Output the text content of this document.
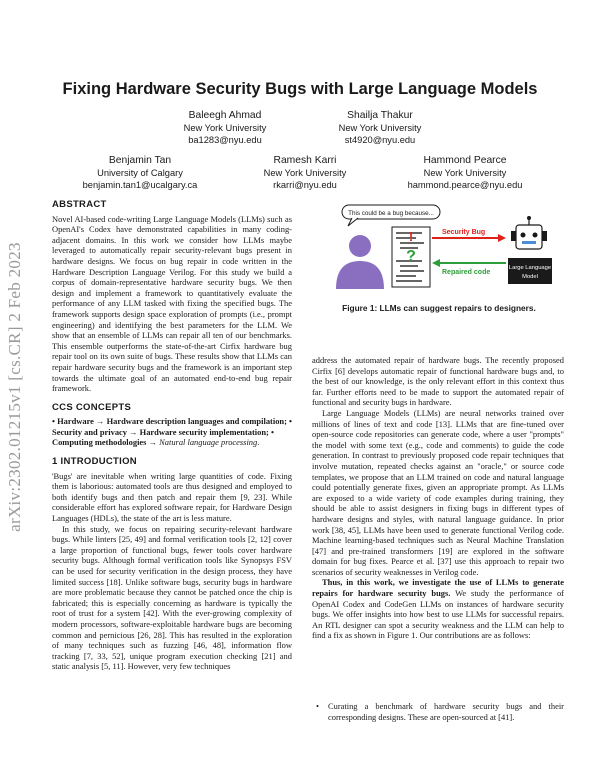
arXiv:2302.01215v1 [cs.CR] 2 Feb 2023
Fixing Hardware Security Bugs with Large Language Models
Baleegh Ahmad
New York University
ba1283@nyu.edu
Shailja Thakur
New York University
st4920@nyu.edu
Benjamin Tan
University of Calgary
benjamin.tan1@ucalgary.ca
Ramesh Karri
New York University
rkarri@nyu.edu
Hammond Pearce
New York University
hammond.pearce@nyu.edu

ABSTRACT

Novel AI-based code-writing Large Language Models (LLMs) such as OpenAI's Codex have demonstrated capabilities in many coding-adjacent domains. In this work we consider how LLMs maybe leveraged to automatically repair security-relevant bugs present in hardware designs. We focus on bug repair in code written in the Hardware Description Language Verilog. For this study we build a corpus of domain-representative hardware security bugs. We then design and implement a framework to quantitatively evaluate the performance of any LLM tasked with fixing the specified bugs. The framework supports design space exploration of prompts (i.e., prompt engineering) and identifying the best parameters for the LLM. We show that an ensemble of LLMs can repair all ten of our benchmarks. This ensemble outperforms the state-of-the-art Cirfix hardware bug repair tool on its own suite of bugs. These results show that LLMs can repair hardware security bugs and the framework is an important step towards the ultimate goal of an automated end-to-end bug repair framework.

CCS CONCEPTS

• Hardware → Hardware description languages and compilation; • Security and privacy → Hardware security implementation; • Computing methodologies → Natural language processing.

1 INTRODUCTION

'Bugs' are inevitable when writing large quantities of code. Fixing them is laborious: automated tools are thus designed and employed to both identify bugs and then patch and repair them [9, 23]. While considerable effort has explored software repair, for Hardware Design Languages (HDLs), the state of the art is less mature.

In this study, we focus on repairing security-relevant hardware bugs. While linters [25, 49] and formal verification tools [2, 12] cover a large proportion of functional bugs, fewer tools cover hardware security bugs. Although formal verification tools like Synopsys FSV can be used for security verification in the design process, they have limited success [18]. Unlike software bugs, security bugs in hardware are more problematic because they cannot be patched once the chip is fabricated; this is especially concerning as hardware is typically the root of trust for a system [42]. With the ever-growing complexity of modern processors, software-exploitable hardware bugs are becoming common and pernicious [26, 28]. This has resulted in the exploration of many techniques such as fuzzing [46, 48], information flow tracking [7, 33, 52], unique program execution checking [21] and static analysis [5, 11]. However, very few techniques

This could be a bug because...
!
?
Security Bug
Repaired code
Large Language
Model
Figure 1: LLMs can suggest repairs to designers.

address the automated repair of hardware bugs. The recently proposed Cirfix [6] develops automatic repair of functional hardware bugs and, to the best of our knowledge, is the only relevant effort in this context thus far. Further efforts need to be made to support the automated repair of functional and security bugs in hardware.

Large Language Models (LLMs) are neural networks trained over millions of lines of text and code [13]. LLMs that are fine-tuned over open-source code repositories can generate code, where a user "prompts" the model with some text (e.g., code and comments) to guide the code generation. In contrast to previously proposed code repair techniques that involve mutation, repeated checks against an "oracle," or source code templates, we propose that an LLM trained on code and natural language could potentially generate fixes, given an appropriate prompt. As LLMs are exposed to a wide variety of code examples during training, they should be able to assist designers in fixing bugs in different types of hardware designs and styles, with natural language guidance. In prior work [38, 45], LLMs have been used to generate functional Verilog code. Machine learning-based techniques such as Neural Machine Translation [47] and pre-trained transformers [19] are explored in the software domain for bug fixes. Pearce et al. [37] use this approach to repair two scenarios of security weaknesses in Verilog code.

Thus, in this work, we investigate the use of LLMs to generate repairs for hardware security bugs. We study the performance of OpenAI Codex and CodeGen LLMs on instances of hardware security bugs. We offer insights into how best to use LLMs for successful repairs. An RTL designer can spot a security weakness and the LLM can help to find a fix as shown in Figure 1. Our contributions are as follows:

• Curating a benchmark of hardware security bugs and their corresponding designs. These are open-sourced at [41].
